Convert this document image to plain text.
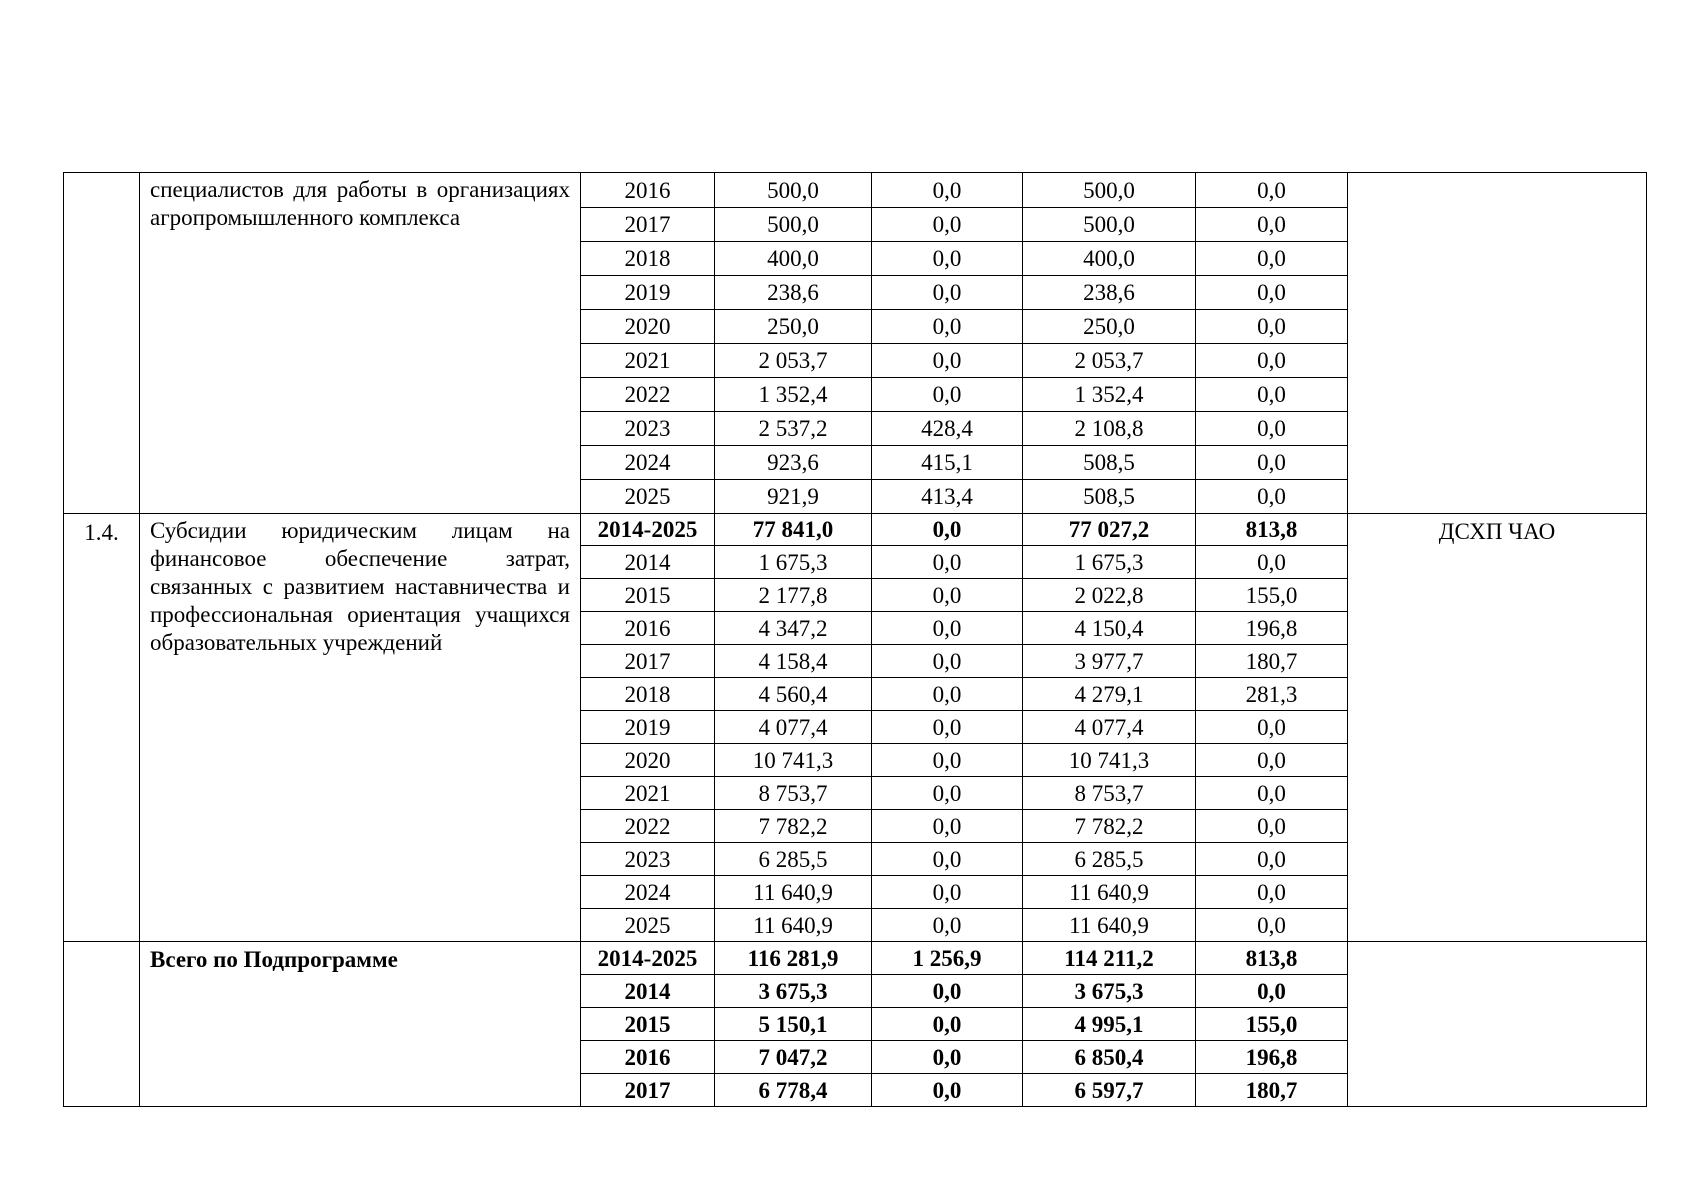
	специалистов для работы в организациях агропромышленного комплекса	2016	500,0	0,0	500,0	0,0	
		2017	500,0	0,0	500,0	0,0	
		2018	400,0	0,0	400,0	0,0	
		2019	238,6	0,0	238,6	0,0	
		2020	250,0	0,0	250,0	0,0	
		2021	2 053,7	0,0	2 053,7	0,0	
		2022	1 352,4	0,0	1 352,4	0,0	
		2023	2 537,2	428,4	2 108,8	0,0	
		2024	923,6	415,1	508,5	0,0	
		2025	921,9	413,4	508,5	0,0	
1.4.	Субсидии юридическим лицам на финансовое обеспечение затрат, связанных с развитием наставничества и профессиональная ориентация учащихся образовательных учреждений	2014-2025	77 841,0	0,0	77 027,2	813,8	ДСХП ЧАО
		2014	1 675,3	0,0	1 675,3	0,0	
		2015	2 177,8	0,0	2 022,8	155,0	
		2016	4 347,2	0,0	4 150,4	196,8	
		2017	4 158,4	0,0	3 977,7	180,7	
		2018	4 560,4	0,0	4 279,1	281,3	
		2019	4 077,4	0,0	4 077,4	0,0	
		2020	10 741,3	0,0	10 741,3	0,0	
		2021	8 753,7	0,0	8 753,7	0,0	
		2022	7 782,2	0,0	7 782,2	0,0	
		2023	6 285,5	0,0	6 285,5	0,0	
		2024	11 640,9	0,0	11 640,9	0,0	
		2025	11 640,9	0,0	11 640,9	0,0	
	Всего по Подпрограмме	2014-2025	116 281,9	1 256,9	114 211,2	813,8	
		2014	3 675,3	0,0	3 675,3	0,0	
		2015	5 150,1	0,0	4 995,1	155,0	
		2016	7 047,2	0,0	6 850,4	196,8	
		2017	6 778,4	0,0	6 597,7	180,7	
